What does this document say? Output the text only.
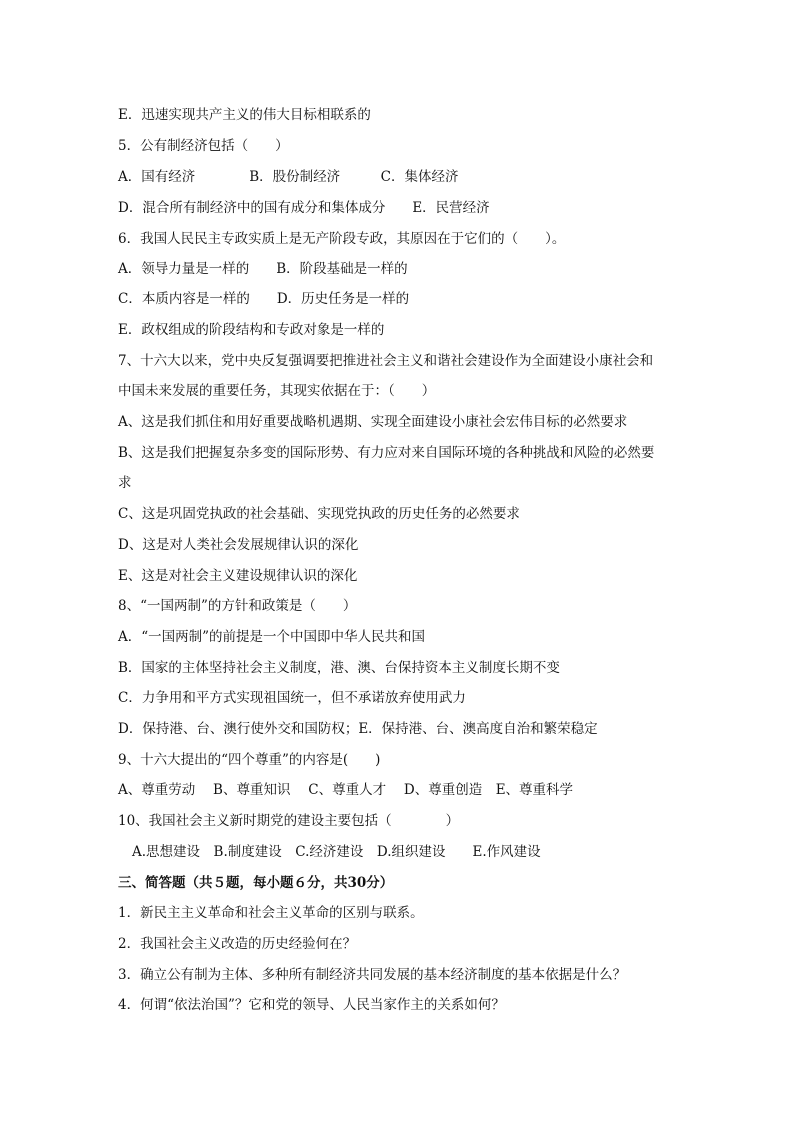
E．迅速实现共产主义的伟大目标相联系的
5．公有制经济包括（　　）
A．国有经济　　　　B．股份制经济　　　C．集体经济
D．混合所有制经济中的国有成分和集体成分　　E．民营经济
6．我国人民民主专政实质上是无产阶段专政，其原因在于它们的（　　）。
A．领导力量是一样的　　B．阶段基础是一样的
C．本质内容是一样的　　D．历史任务是一样的
E．政权组成的阶段结构和专政对象是一样的
7、十六大以来，党中央反复强调要把推进社会主义和谐社会建设作为全面建设小康社会和
中国未来发展的重要任务，其现实依据在于：（　　）
A、这是我们抓住和用好重要战略机遇期、实现全面建设小康社会宏伟目标的必然要求
B、这是我们把握复杂多变的国际形势、有力应对来自国际环境的各种挑战和风险的必然要
求
C、这是巩固党执政的社会基础、实现党执政的历史任务的必然要求
D、这是对人类社会发展规律认识的深化
E、这是对社会主义建设规律认识的深化
8、“一国两制”的方针和政策是（　　）
A．“一国两制”的前提是一个中国即中华人民共和国
B．国家的主体坚持社会主义制度，港、澳、台保持资本主义制度长期不变
C．力争用和平方式实现祖国统一，但不承诺放弃使用武力
D．保持港、台、澳行使外交和国防权；E．保持港、台、澳高度自治和繁荣稳定
9、十六大提出的“四个尊重”的内容是(　　)
A、尊重劳动　 B、尊重知识　 C、尊重人才　 D、尊重创造　E、尊重科学
10、我国社会主义新时期党的建设主要包括（　　　　）
A.思想建设　B.制度建设　C.经济建设　D.组织建设　　E.作风建设
三、简答题（共５题，每小题６分，共30分）
1．新民主主义革命和社会主义革命的区别与联系。
2．我国社会主义改造的历史经验何在？
3．确立公有制为主体、多种所有制经济共同发展的基本经济制度的基本依据是什么？
4．何谓“依法治国”？它和党的领导、人民当家作主的关系如何？
